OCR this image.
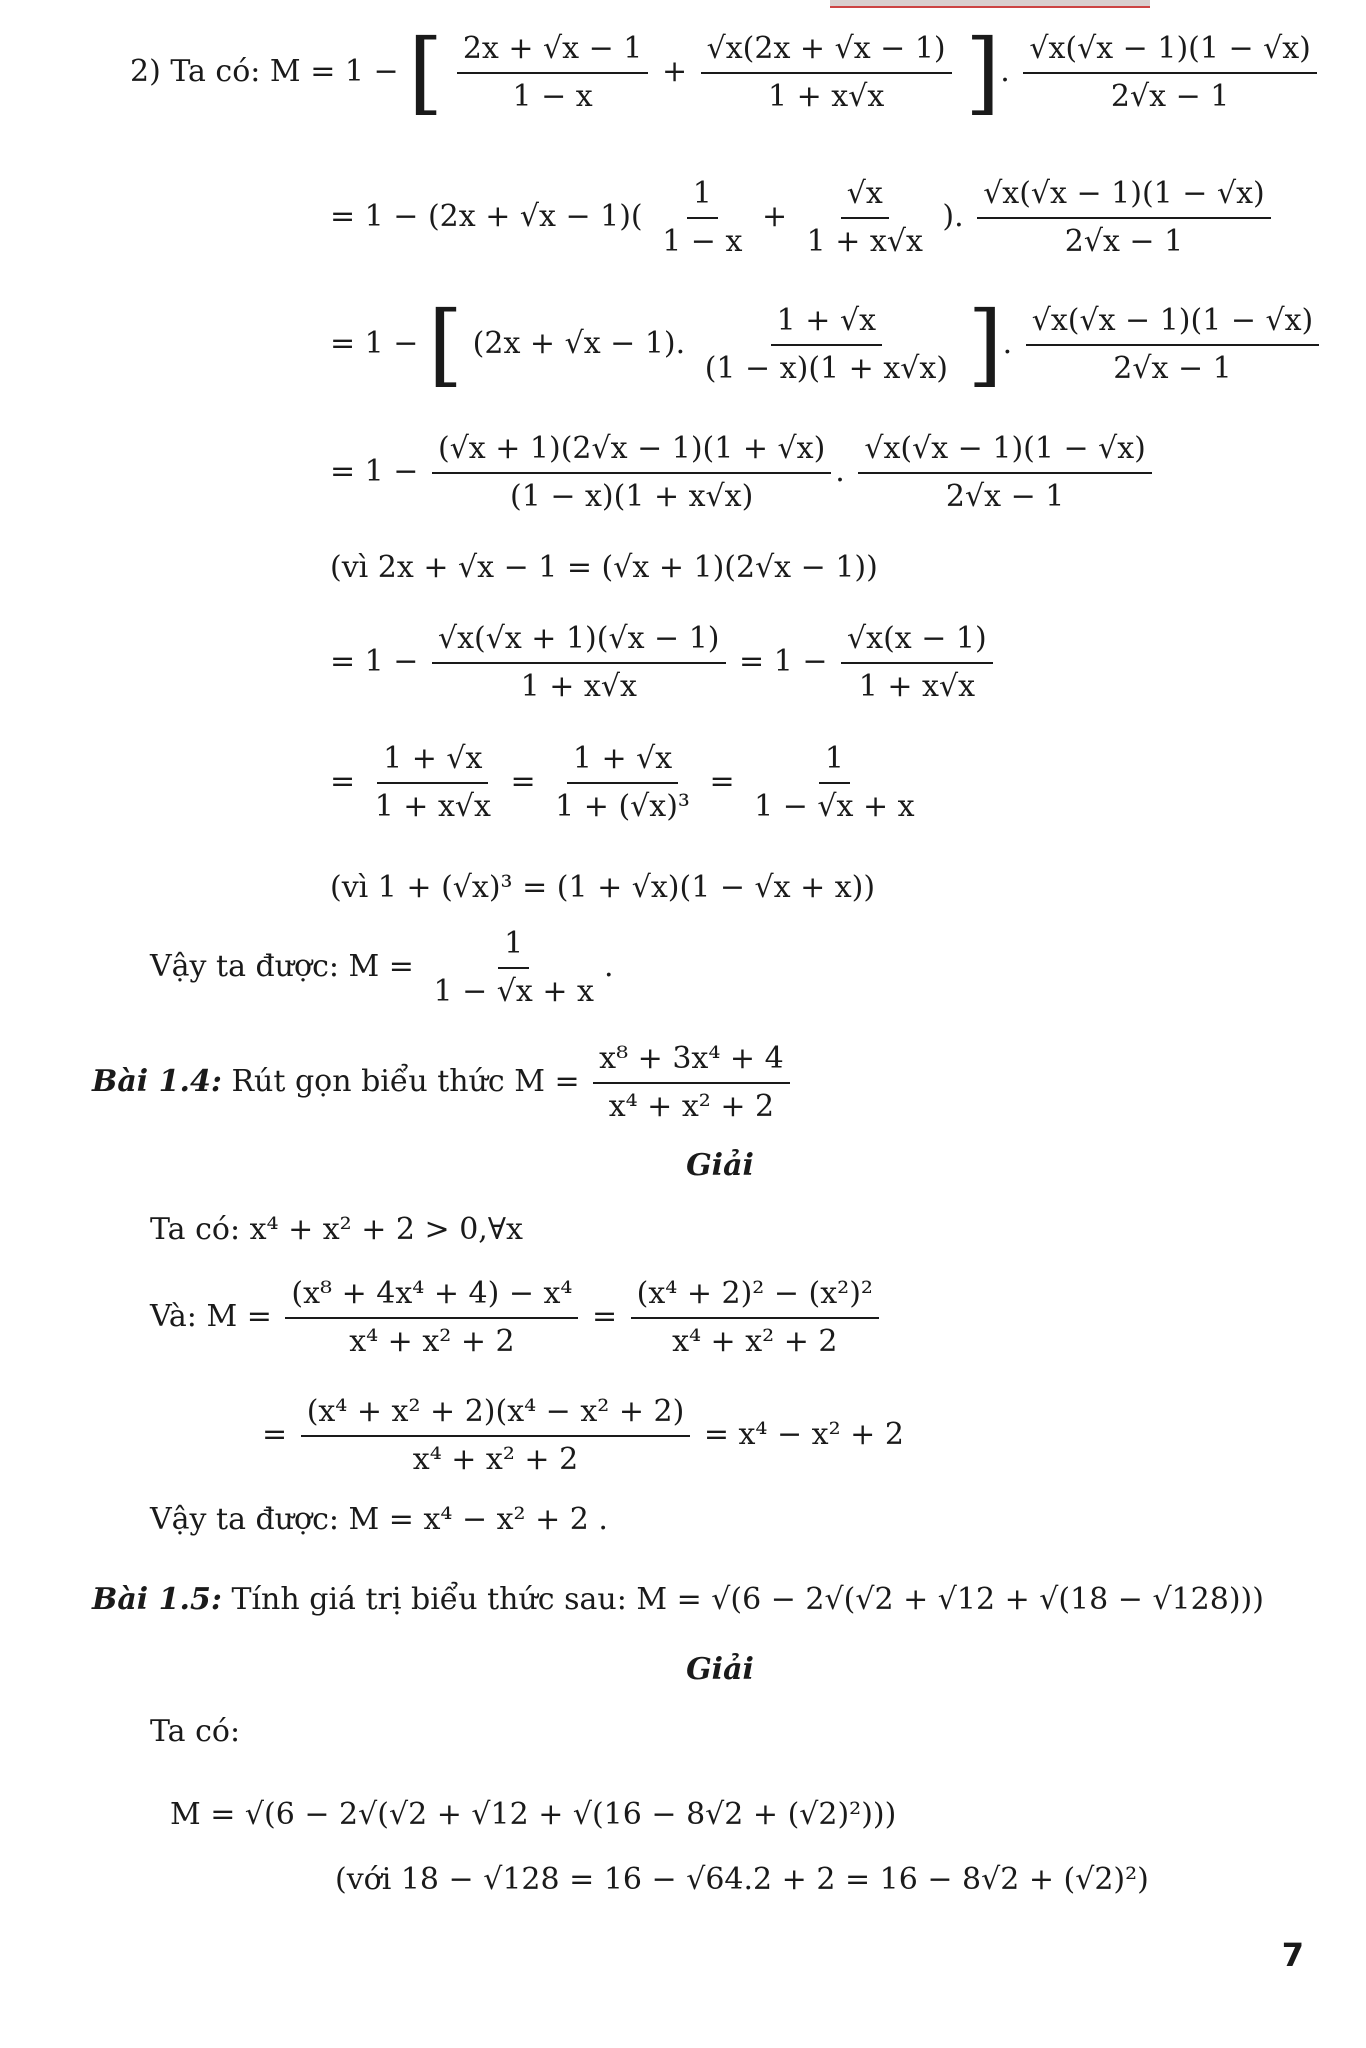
2) Ta có: M = 1 − [ $\frac{2x + √x - 1}{1 - x} + \frac{√x(2x + √x - 1)}{1 + x√x}$ ]. $\frac{√x(√x - 1)(1 - √x)}{2√x - 1}$
= $1 - (2x + √x - 1)( \frac{1}{1 - x} + \frac{√x}{1 + x√x}$ ). $\frac{√x(√x - 1)(1 - √x)}{2√x - 1}$
= 1 − [ (2x + √x − 1). $\frac{1 + √x}{(1 - x)(1 + x√x)}$ ]. $\frac{√x(√x - 1)(1 - √x)}{2√x - 1}$
= $1 - \frac{(√x + 1)(2√x - 1)(1 + √x)}{(1 - x)(1 + x√x)}$ . $\frac{√x(√x - 1)(1 - √x)}{2√x - 1}$
(vì 2x + √x − 1 = (√x + 1)(2√x − 1))
= $1 - \frac{√x(√x + 1)(√x - 1)}{1 + x√x} = 1 - \frac{√x(x - 1)}{1 + x√x}$
= $\frac{1 + √x}{1 + x√x} = \frac{1 + √x}{\text{1 + (√x)³}} = \frac{1}{1 - √x + x}$
(vì 1 + (√x)³ = (1 + √x)(1 − √x + x))
Vậy ta được: $M = \frac{1}{1 - √x + x}$ .
Bài 1.4: Rút gọn biểu thức $M = \frac{\text{x⁸ + 3x⁴ + 4}}{\text{x⁴ + x² + 2}}$
Giải
Ta có: x⁴ + x² + 2 > 0,∀x
Và: $M = \frac{\text{(x⁸ + 4x⁴ + 4) − x⁴}}{\text{x⁴ + x² + 2}} = \frac{\text{(x⁴ + 2)² − (x²)²}}{\text{x⁴ + x² + 2}}$
= $\frac{\text{(x⁴ + x² + 2)(x⁴ − x² + 2)}}{\text{x⁴ + x² + 2}} = x^4 - x^2 + 2$
Vậy ta được: M = x⁴ − x² + 2 .
Bài 1.5: Tính giá trị biểu thức sau: M = √(6 − 2√(√2 + √12 + √(18 − √128)))
Giải
Ta có:
M = √(6 − 2√(√2 + √12 + √(16 − 8√2 + (√2)²)))
(với 18 − √128 = 16 − √64.2 + 2 = 16 − 8√2 + (√2)²)
7
